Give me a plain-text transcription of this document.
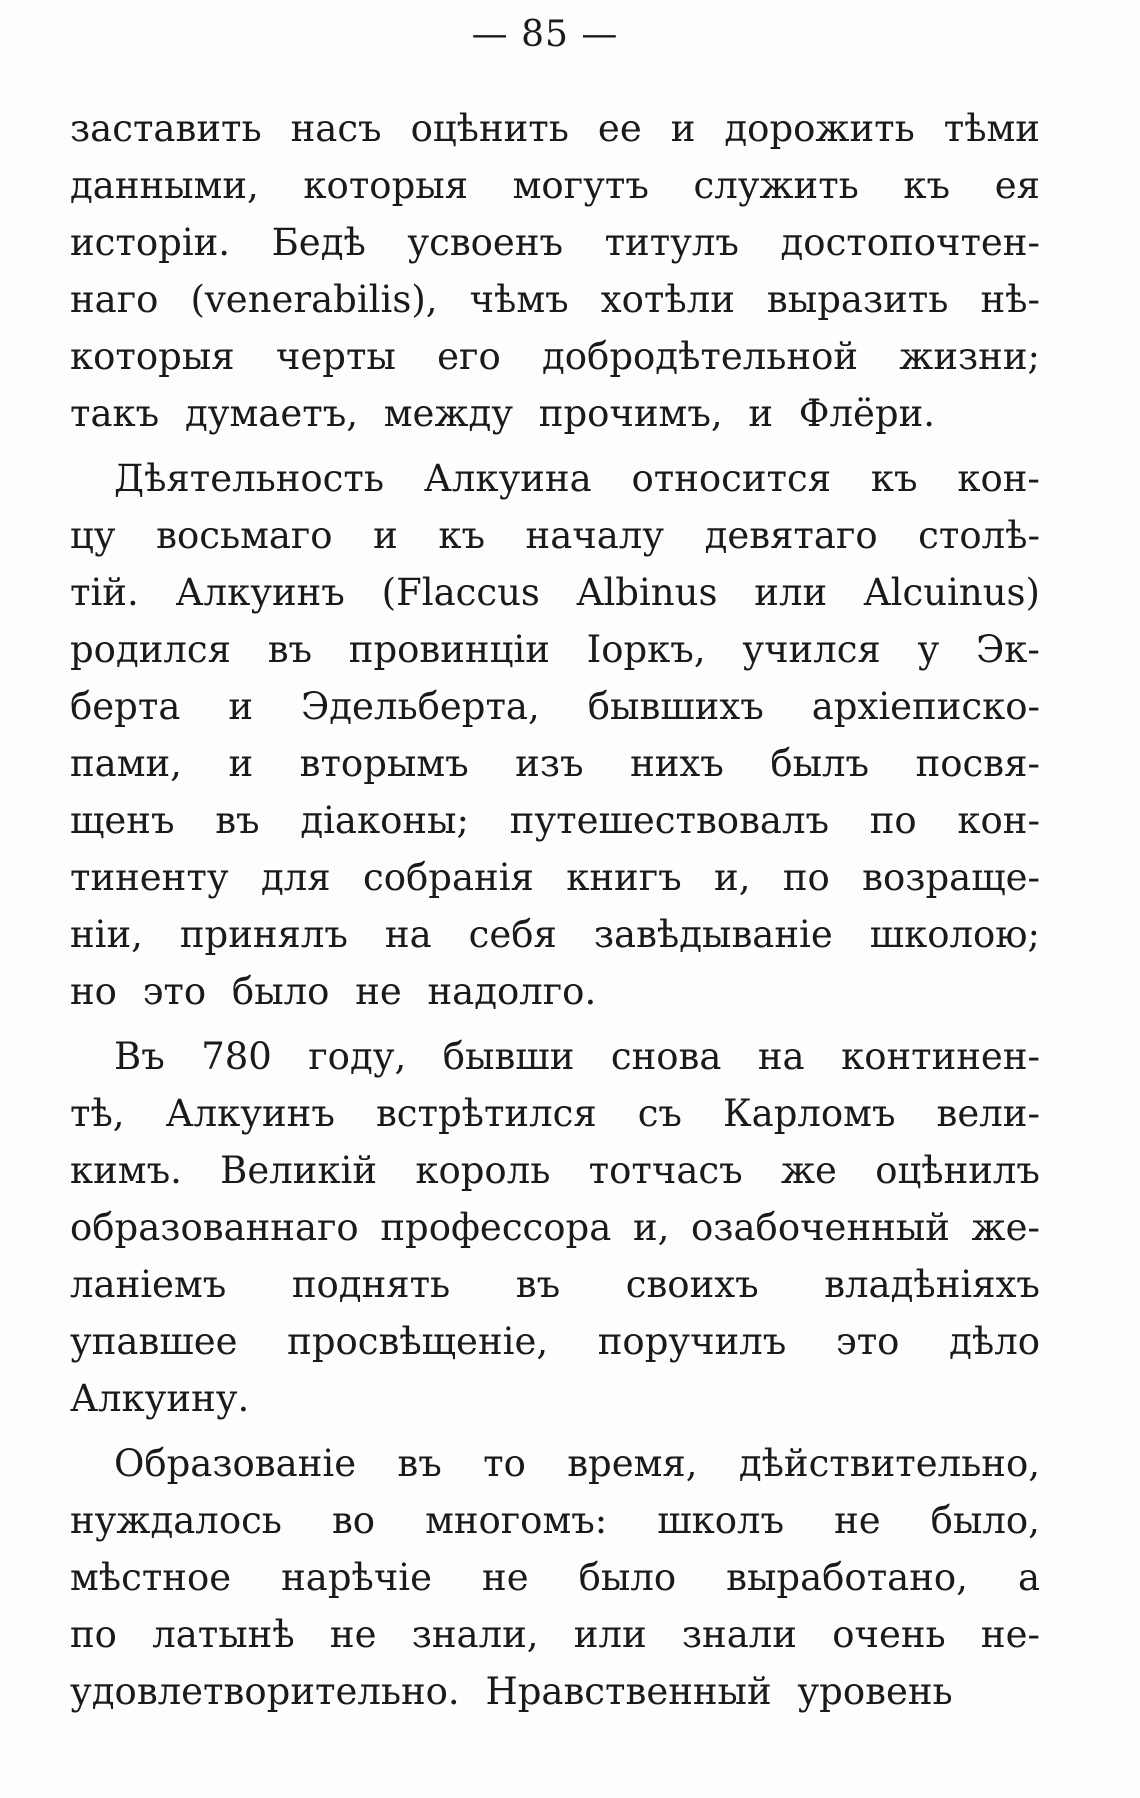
— 85 —
заставить насъ оцѣнить ее и дорожить тѣми
данными, которыя могутъ служить къ ея
исторіи. Бедѣ усвоенъ титулъ достопочтен-
наго (venerabilis), чѣмъ хотѣли выразить нѣ-
которыя черты его добродѣтельной жизни;
такъ думаетъ, между прочимъ, и Флёри.
Дѣятельность Алкуина относится къ кон-
цу восьмаго и къ началу девятаго столѣ-
тій. Алкуинъ (Flaccus Albinus или Alcuinus)
родился въ провинціи Іоркъ, учился у Эк-
берта и Эдельберта, бывшихъ архіеписко-
пами, и вторымъ изъ нихъ былъ посвя-
щенъ въ діаконы; путешествовалъ по кон-
тиненту для собранія книгъ и, по возраще-
ніи, принялъ на себя завѣдываніе школою;
но это было не надолго.
Въ 780 году, бывши снова на континен-
тѣ, Алкуинъ встрѣтился съ Карломъ вели-
кимъ. Великій король тотчасъ же оцѣнилъ
образованнаго профессора и, озабоченный же-
ланіемъ поднять въ своихъ владѣніяхъ
упавшее просвѣщеніе, поручилъ это дѣло
Алкуину.
Образованіе въ то время, дѣйствительно,
нуждалось во многомъ: школъ не было,
мѣстное нарѣчіе не было выработано, а
по латынѣ не знали, или знали очень не-
удовлетворительно. Нравственный уровень
